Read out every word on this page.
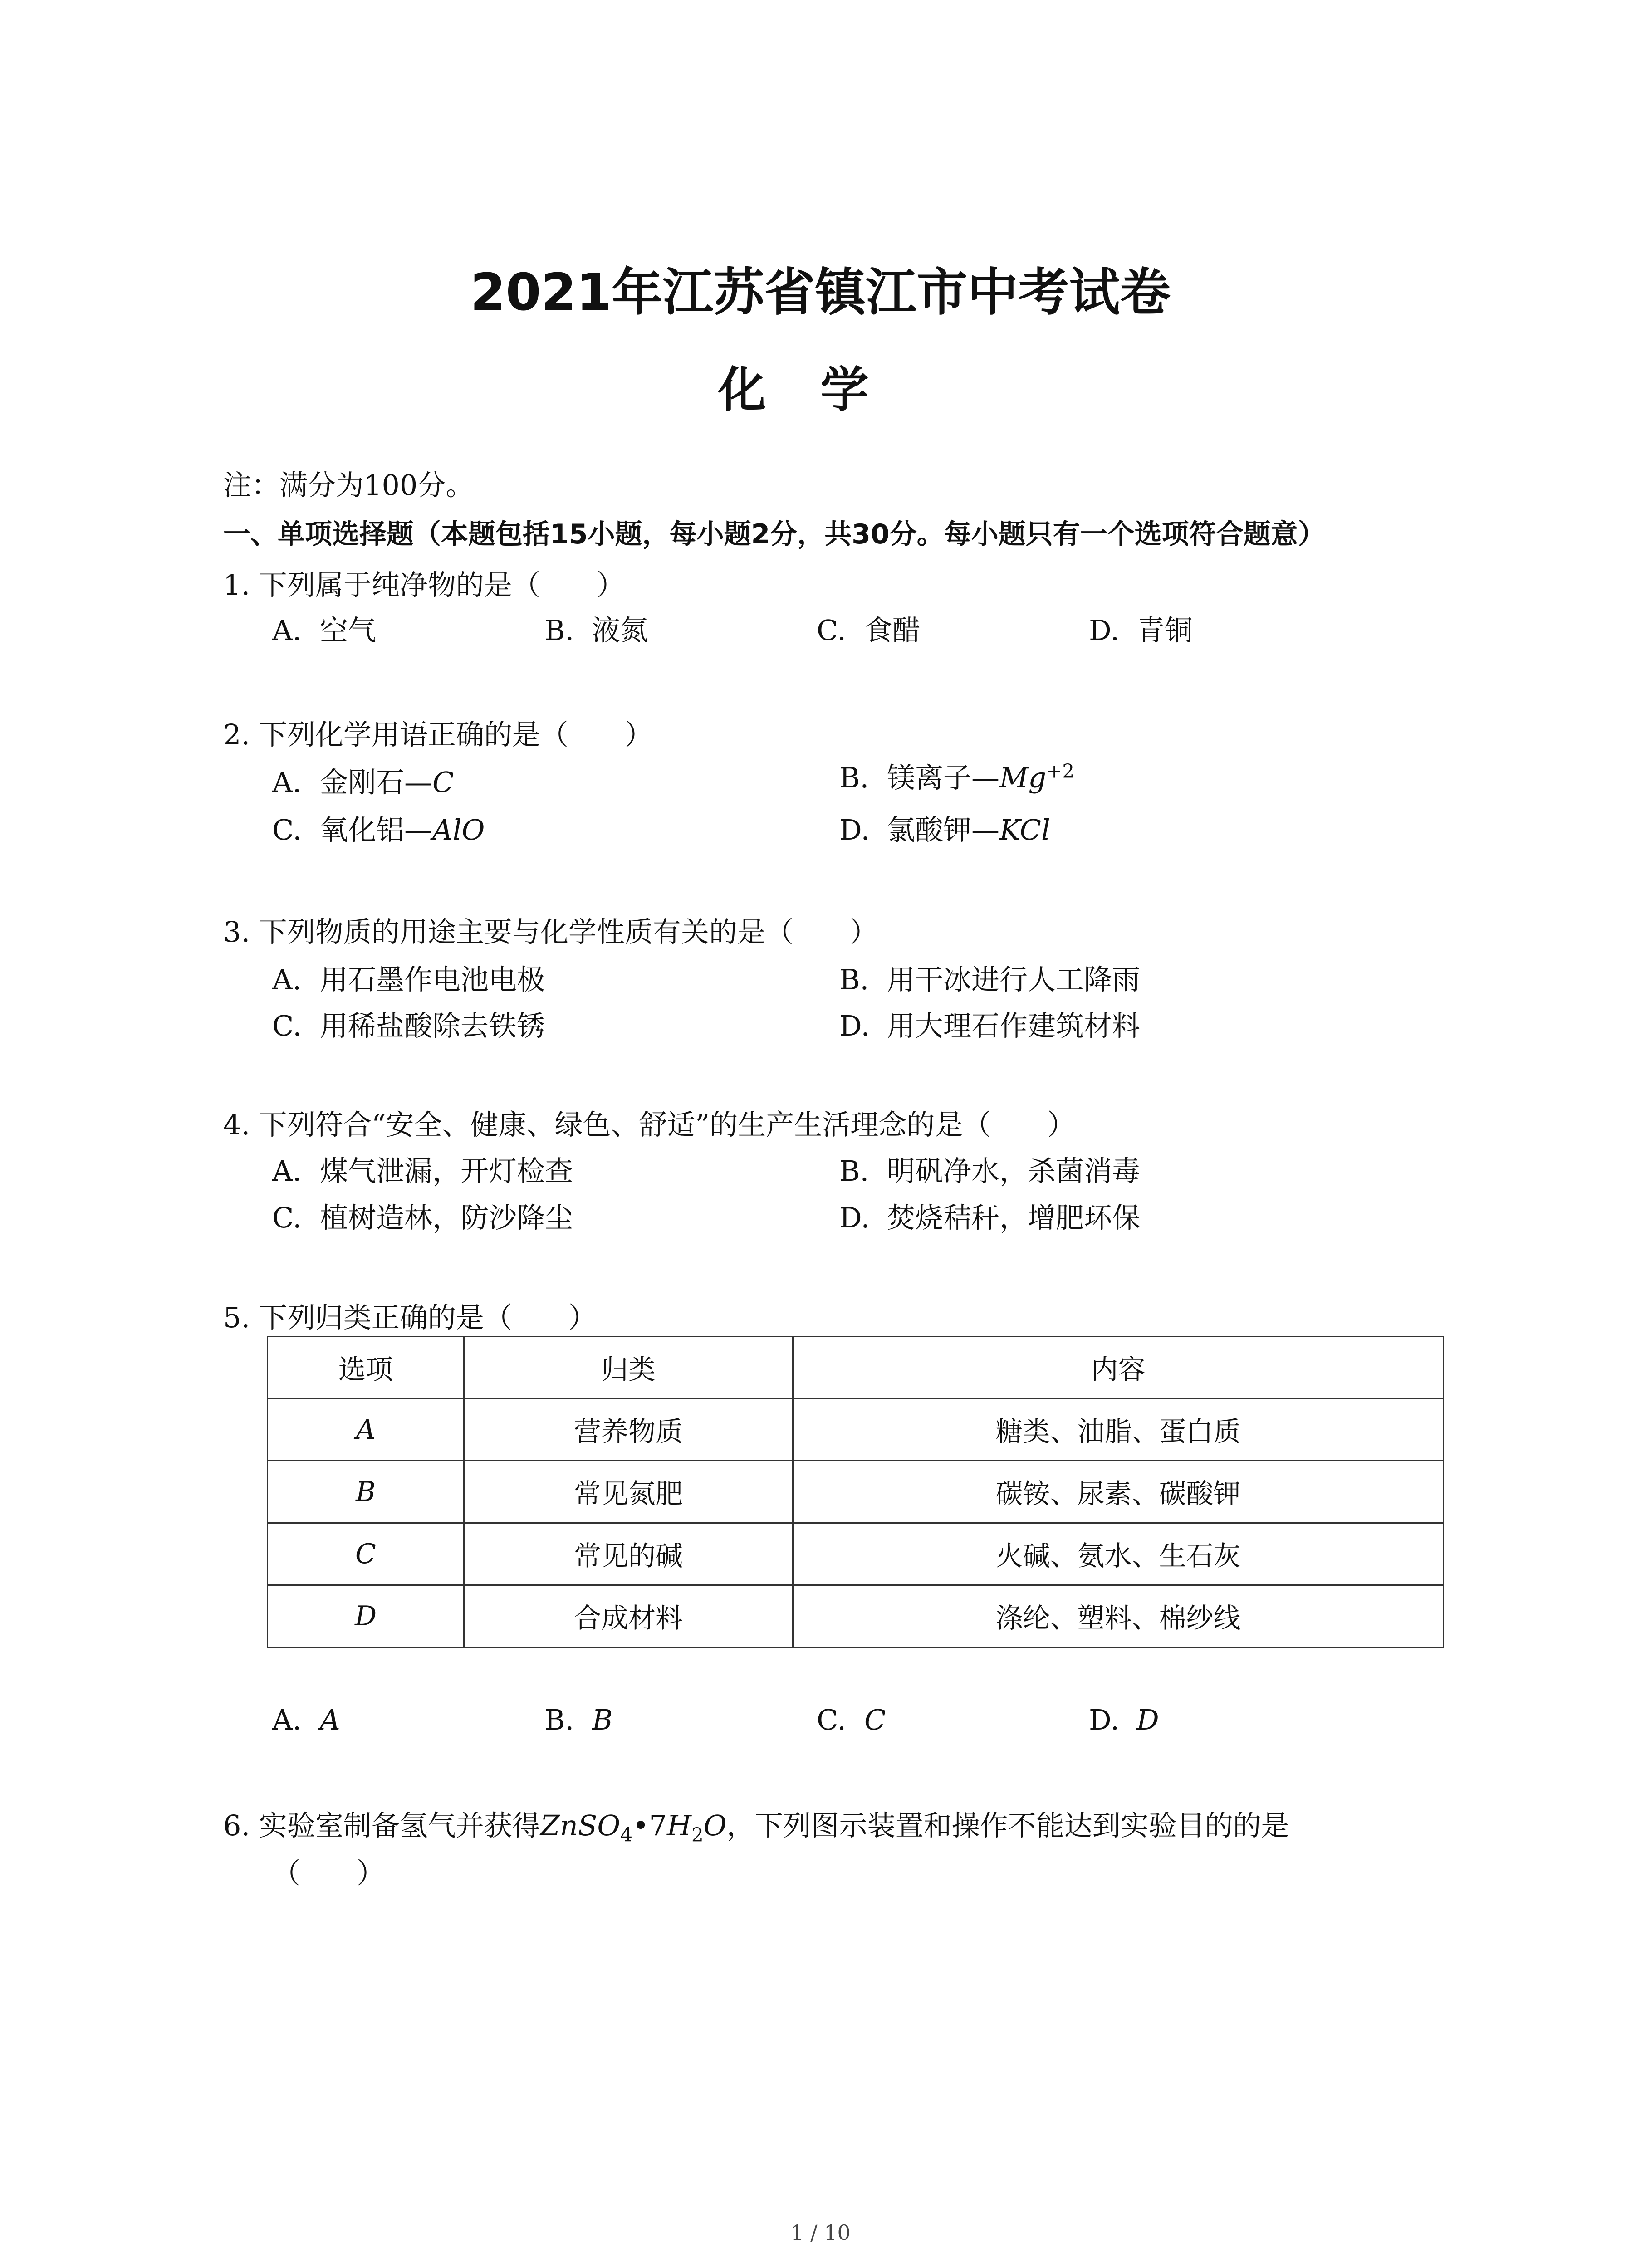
2021年江苏省镇江市中考试卷
化学
注：满分为100分。
一、单项选择题（本题包括15小题，每小题2分，共30分。每小题只有一个选项符合题意）
1. 下列属于纯净物的是（　　）
A. 空气	B. 液氮	C. 食醋	D. 青铜
2. 下列化学用语正确的是（　　）
A. 金刚石—C	B. 镁离子$—Mg^{+2}$
C. 氧化铝—AlO	D. 氯酸钾—KCl
3. 下列物质的用途主要与化学性质有关的是（　　）
A. 用石墨作电池电极	B. 用干冰进行人工降雨
C. 用稀盐酸除去铁锈	D. 用大理石作建筑材料
4. 下列符合“安全、健康、绿色、舒适”的生产生活理念的是（　　）
A. 煤气泄漏，开灯检查	B. 明矾净水，杀菌消毒
C. 植树造林，防沙降尘	D. 焚烧秸秆，增肥环保
5. 下列归类正确的是（　　）
选项	归类	内容
A	营养物质	糖类、油脂、蛋白质
B	常见氮肥	碳铵、尿素、碳酸钾
C	常见的碱	火碱、氨水、生石灰
D	合成材料	涤纶、塑料、棉纱线
A. A	B. B	C. C	D. D
6. 实验室制备氢气并获得$ZnSO_4•7H_2O$，下列图示装置和操作不能达到实验目的的是
（　　）
1 / 10
